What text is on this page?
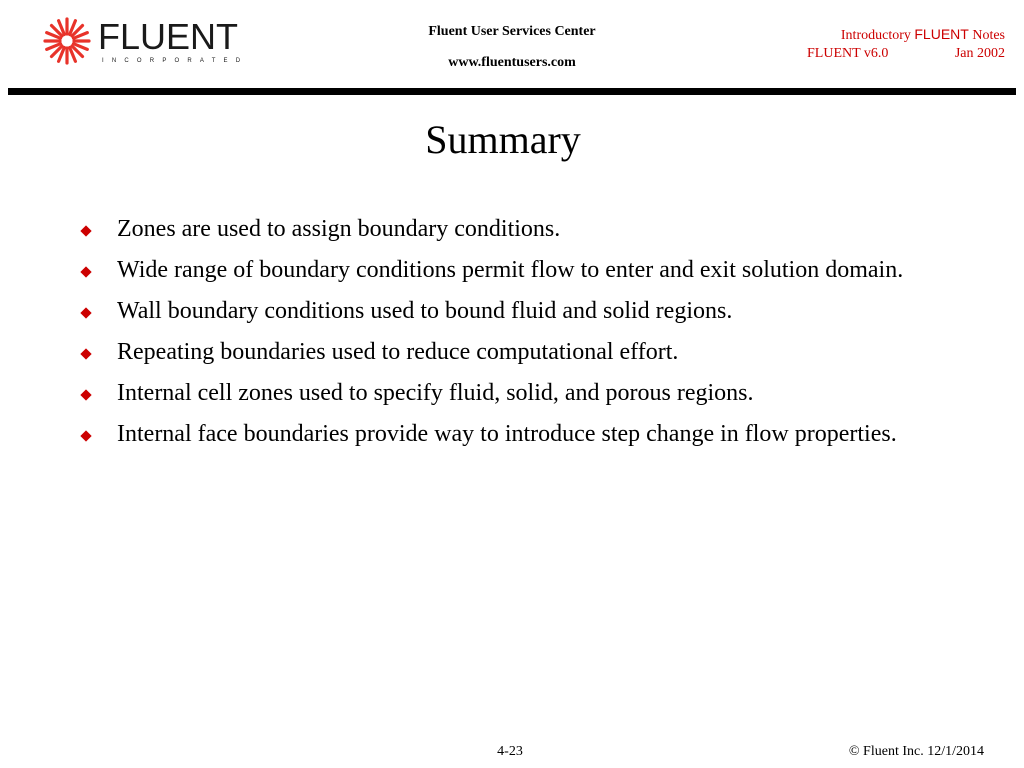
FLUENT
INCORPORATED
Fluent User Services Center
www.fluentusers.com
Introductory FLUENT Notes
FLUENT v6.0	Jan 2002
Summary
Zones are used to assign boundary conditions.
Wide range of boundary conditions permit flow to enter and exit solution domain.
Wall boundary conditions used to bound fluid and solid regions.
Repeating boundaries used to reduce computational effort.
Internal cell zones used to specify fluid, solid, and porous regions.
Internal face boundaries provide way to introduce step change in flow properties.
4-23	© Fluent Inc. 12/1/2014
